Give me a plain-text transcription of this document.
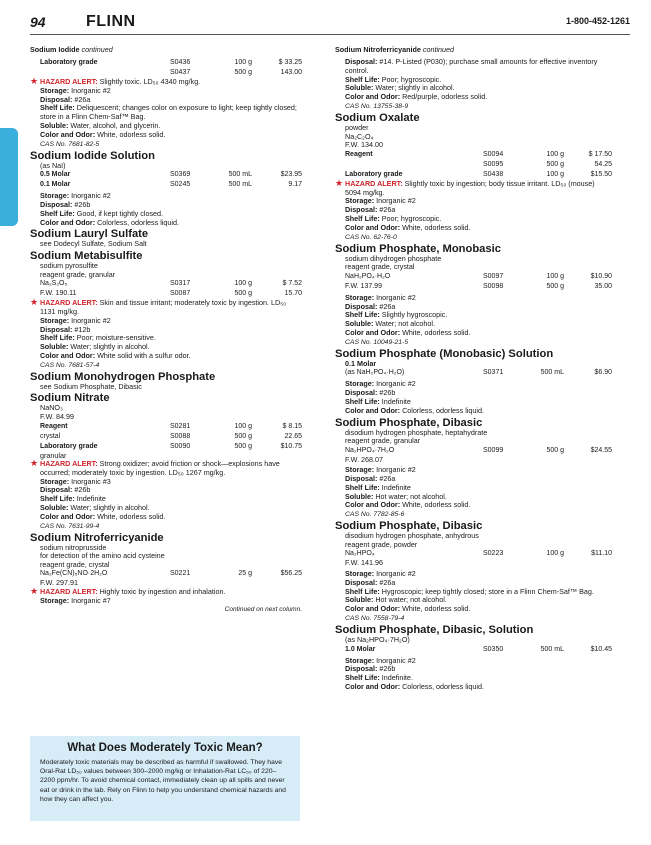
94	FLINN	1-800-452-1261
Sodium Iodide continued
Laboratory grade	S0436	100 g	$ 33.25
S0437	500 g	143.00
★ HAZARD ALERT: Slightly toxic. LD₅₀ 4340 mg/kg.
Storage: Inorganic #2
Disposal: #26a
Shelf Life: Deliquescent; changes color on exposure to light; keep tightly closed; store in a Flinn Chem-Saf™ Bag.
Soluble: Water, alcohol, and glycerin.
Color and Odor: White, odorless solid.
CAS No. 7681-82-5
Sodium Iodide Solution
(as NaI)
0.5 Molar	S0369	500 mL	$23.95
0.1 Molar	S0245	500 mL	9.17
Storage: Inorganic #2
Disposal: #26b
Shelf Life: Good, if kept tightly closed.
Color and Odor: Colorless, odorless liquid.
Sodium Lauryl Sulfate
see Dodecyl Sulfate, Sodium Salt
Sodium Metabisulfite
sodium pyrosulfite
reagent grade, granular
Na₂S₂O₅	S0317	100 g	$ 7.52
F.W. 190.11	S0087	500 g	15.70
★ HAZARD ALERT: Skin and tissue irritant; moderately toxic by ingestion. LD₅₀ 1131 mg/kg.
Storage: Inorganic #2
Disposal: #12b
Shelf Life: Poor; moisture-sensitive.
Soluble: Water; slightly in alcohol.
Color and Odor: White solid with a sulfur odor.
CAS No. 7681-57-4
Sodium Monohydrogen Phosphate
see Sodium Phosphate, Dibasic
Sodium Nitrate
NaNO₃
F.W. 84.99
Reagent	S0281	100 g	$ 8.15
crystal	S0088	500 g	22.65
Laboratory grade	S0090	500 g	$10.75
granular
★ HAZARD ALERT: Strong oxidizer; avoid friction or shock—explosions have occurred; moderately toxic by ingestion. LD₅₀ 1267 mg/kg.
Storage: Inorganic #3
Disposal: #26b
Shelf Life: Indefinite
Soluble: Water; slightly in alcohol.
Color and Odor: White, odorless solid.
CAS No. 7631-99-4
Sodium Nitroferricyanide
sodium nitroprusside
for detection of the amino acid cysteine
reagent grade, crystal
Na₂Fe(CN)₅NO·2H₂O	S0221	25 g	$56.25
F.W. 297.91
★ HAZARD ALERT: Highly toxic by ingestion and inhalation.
Storage: Inorganic #7
Continued on next column.
What Does Moderately Toxic Mean?
Moderately toxic materials may be described as harmful if swallowed. They have Oral-Rat LD₅₀ values between 300–2000 mg/kg or Inhalation-Rat LC₅₀ of 220–2200 ppm/hr. To avoid chemical contact, immediately clean up all spills and never eat or drink in the lab. Rely on Flinn to help you understand chemical hazards and how they can affect you.
Sodium Nitroferricyanide continued
Disposal: #14. P-Listed (P030); purchase small amounts for effective inventory control.
Shelf Life: Poor; hygroscopic.
Soluble: Water; slightly in alcohol.
Color and Odor: Red/purple, odorless solid.
CAS No. 13755-38-9
Sodium Oxalate
powder
Na₂C₂O₄
F.W. 134.00
Reagent	S0094	100 g	$ 17.50
S0095	500 g	54.25
Laboratory grade	S0438	100 g	$15.50
★ HAZARD ALERT: Slightly toxic by ingestion; body tissue irritant. LD₅₀ (mouse) 5094 mg/kg.
Storage: Inorganic #2
Disposal: #26a
Shelf Life: Poor; hygroscopic.
Color and Odor: White, odorless solid.
CAS No. 62-76-0
Sodium Phosphate, Monobasic
sodium dihydrogen phosphate
reagent grade, crystal
NaH₂PO₄·H₂O	S0097	100 g	$10.90
F.W. 137.99	S0098	500 g	35.00
Storage: Inorganic #2
Disposal: #26a
Shelf Life: Slightly hygroscopic.
Soluble: Water; not alcohol.
Color and Odor: White, odorless solid.
CAS No. 10049-21-5
Sodium Phosphate (Monobasic) Solution
0.1 Molar
(as NaH₂PO₄·H₂O)	S0371	500 mL	$6.90
Storage: Inorganic #2
Disposal: #26b
Shelf Life: Indefinite
Color and Odor: Colorless, odorless liquid.
Sodium Phosphate, Dibasic
disodium hydrogen phosphate, heptahydrate
reagent grade, granular
Na₂HPO₄·7H₂O	S0099	500 g	$24.55
F.W. 268.07
Storage: Inorganic #2
Disposal: #26a
Shelf Life: Indefinite
Soluble: Hot water; not alcohol.
Color and Odor: White, odorless solid.
CAS No. 7782-85-6
Sodium Phosphate, Dibasic
disodium hydrogen phosphate, anhydrous
reagent grade, powder
Na₂HPO₄	S0223	100 g	$11.10
F.W. 141.96
Storage: Inorganic #2
Disposal: #26a
Shelf Life: Hygroscopic; keep tightly closed; store in a Flinn Chem-Saf™ Bag.
Soluble: Hot water; not alcohol.
Color and Odor: White, odorless solid.
CAS No. 7558-79-4
Sodium Phosphate, Dibasic, Solution
(as Na₂HPO₄·7H₂O)
1.0 Molar	S0350	500 mL	$10.45
Storage: Inorganic #2
Disposal: #26b
Shelf Life: Indefinite.
Color and Odor: Colorless, odorless liquid.
